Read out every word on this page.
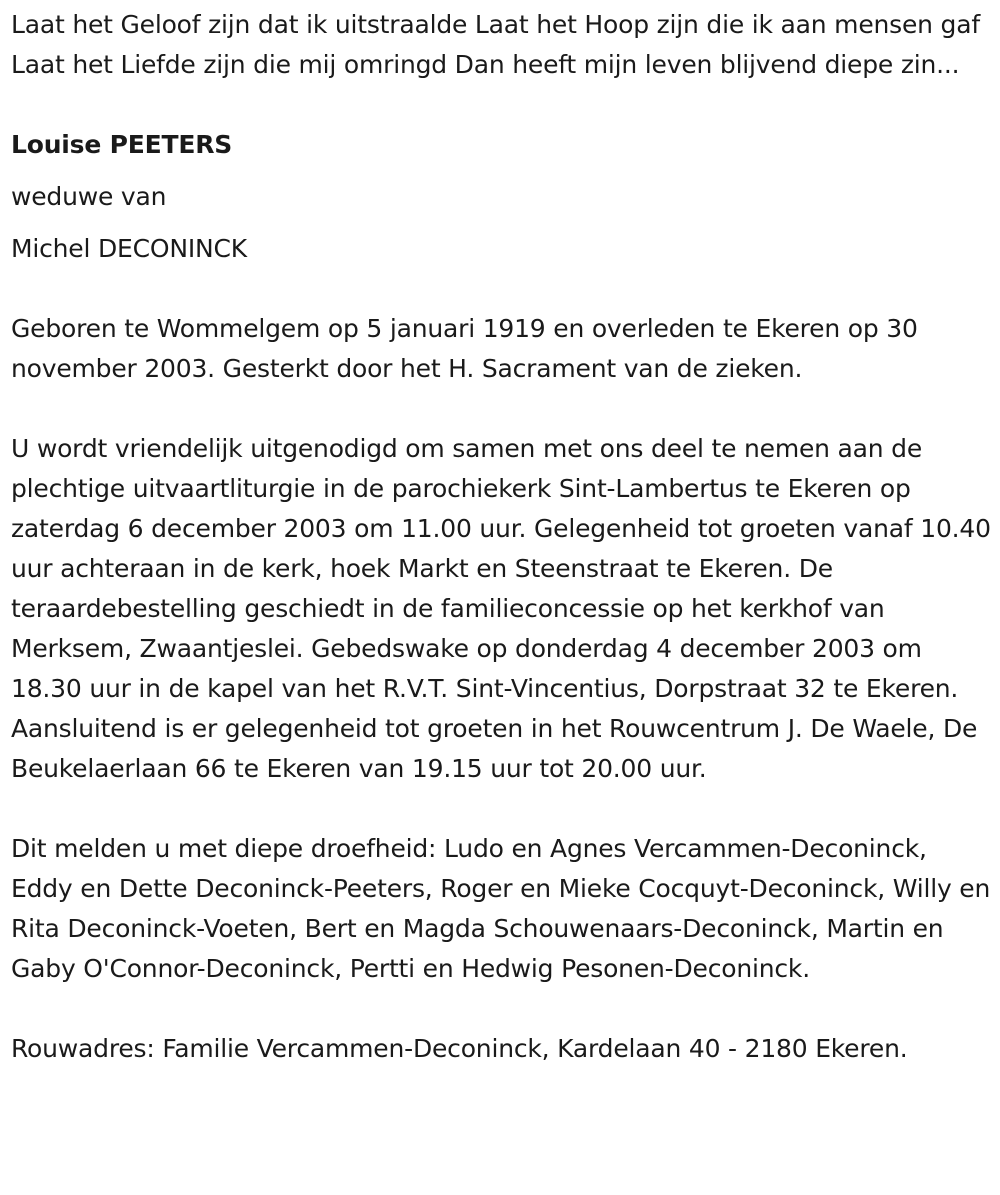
Laat het Geloof zijn dat ik uitstraalde Laat het Hoop zijn die ik aan mensen gaf Laat het Liefde zijn die mij omringd Dan heeft mijn leven blijvend diepe zin...

Louise PEETERS

weduwe van

Michel DECONINCK

Geboren te Wommelgem op 5 januari 1919 en overleden te Ekeren op 30 november 2003. Gesterkt door het H. Sacrament van de zieken.

U wordt vriendelijk uitgenodigd om samen met ons deel te nemen aan de plechtige uitvaartliturgie in de parochiekerk Sint-Lambertus te Ekeren op zaterdag 6 december 2003 om 11.00 uur. Gelegenheid tot groeten vanaf 10.40 uur achteraan in de kerk, hoek Markt en Steenstraat te Ekeren. De teraardebestelling geschiedt in de familieconcessie op het kerkhof van Merksem, Zwaantjeslei. Gebedswake op donderdag 4 december 2003 om 18.30 uur in de kapel van het R.V.T. Sint-Vincentius, Dorpstraat 32 te Ekeren. Aansluitend is er gelegenheid tot groeten in het Rouwcentrum J. De Waele, De Beukelaerlaan 66 te Ekeren van 19.15 uur tot 20.00 uur.

Dit melden u met diepe droefheid: Ludo en Agnes Vercammen-Deconinck, Eddy en Dette Deconinck-Peeters, Roger en Mieke Cocquyt-Deconinck, Willy en Rita Deconinck-Voeten, Bert en Magda Schouwenaars-Deconinck, Martin en Gaby O'Connor-Deconinck, Pertti en Hedwig Pesonen-Deconinck.

Rouwadres: Familie Vercammen-Deconinck, Kardelaan 40 - 2180 Ekeren.
